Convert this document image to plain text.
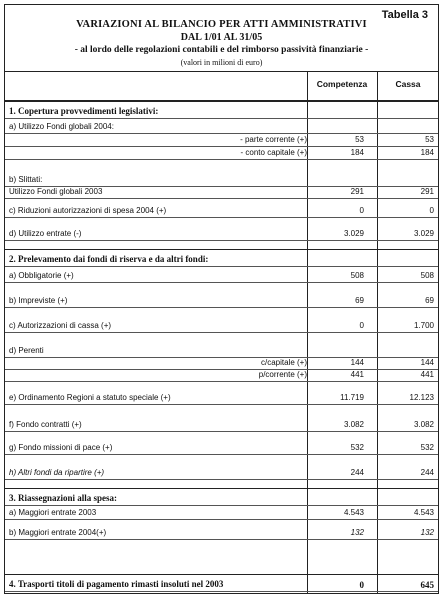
Tabella 3
VARIAZIONI AL BILANCIO PER ATTI AMMINISTRATIVI
DAL 1/01 AL 31/05
- al lordo delle regolazioni contabili e del rimborso passività finanziarie -
(valori in milioni di euro)
Competenza	Cassa
1. Copertura provvedimenti legislativi:
a) Utilizzo Fondi globali 2004:
- parte corrente (+)	53	53
- conto capitale (+)	184	184
b) Slittati:
Utilizzo Fondi globali 2003	291	291
c) Riduzioni autorizzazioni di spesa 2004 (+)	0	0
d) Utilizzo entrate (-)	3.029	3.029
2. Prelevamento dai fondi di riserva e da altri fondi:
a) Obbligatorie (+)	508	508
b) Impreviste (+)	69	69
c) Autorizzazioni di cassa (+)	0	1.700
d) Perenti
c/capitale (+)	144	144
p/corrente (+)	441	441
e) Ordinamento Regioni a statuto speciale (+)	11.719	12.123
f) Fondo contratti (+)	3.082	3.082
g) Fondo missioni di pace (+)	532	532
h) Altri fondi da ripartire (+)	244	244
3. Riassegnazioni alla spesa:
a) Maggiori entrate 2003	4.543	4.543
b) Maggiori entrate 2004(+)	132	132
4. Trasporti titoli di pagamento rimasti insoluti nel 2003	0	645
